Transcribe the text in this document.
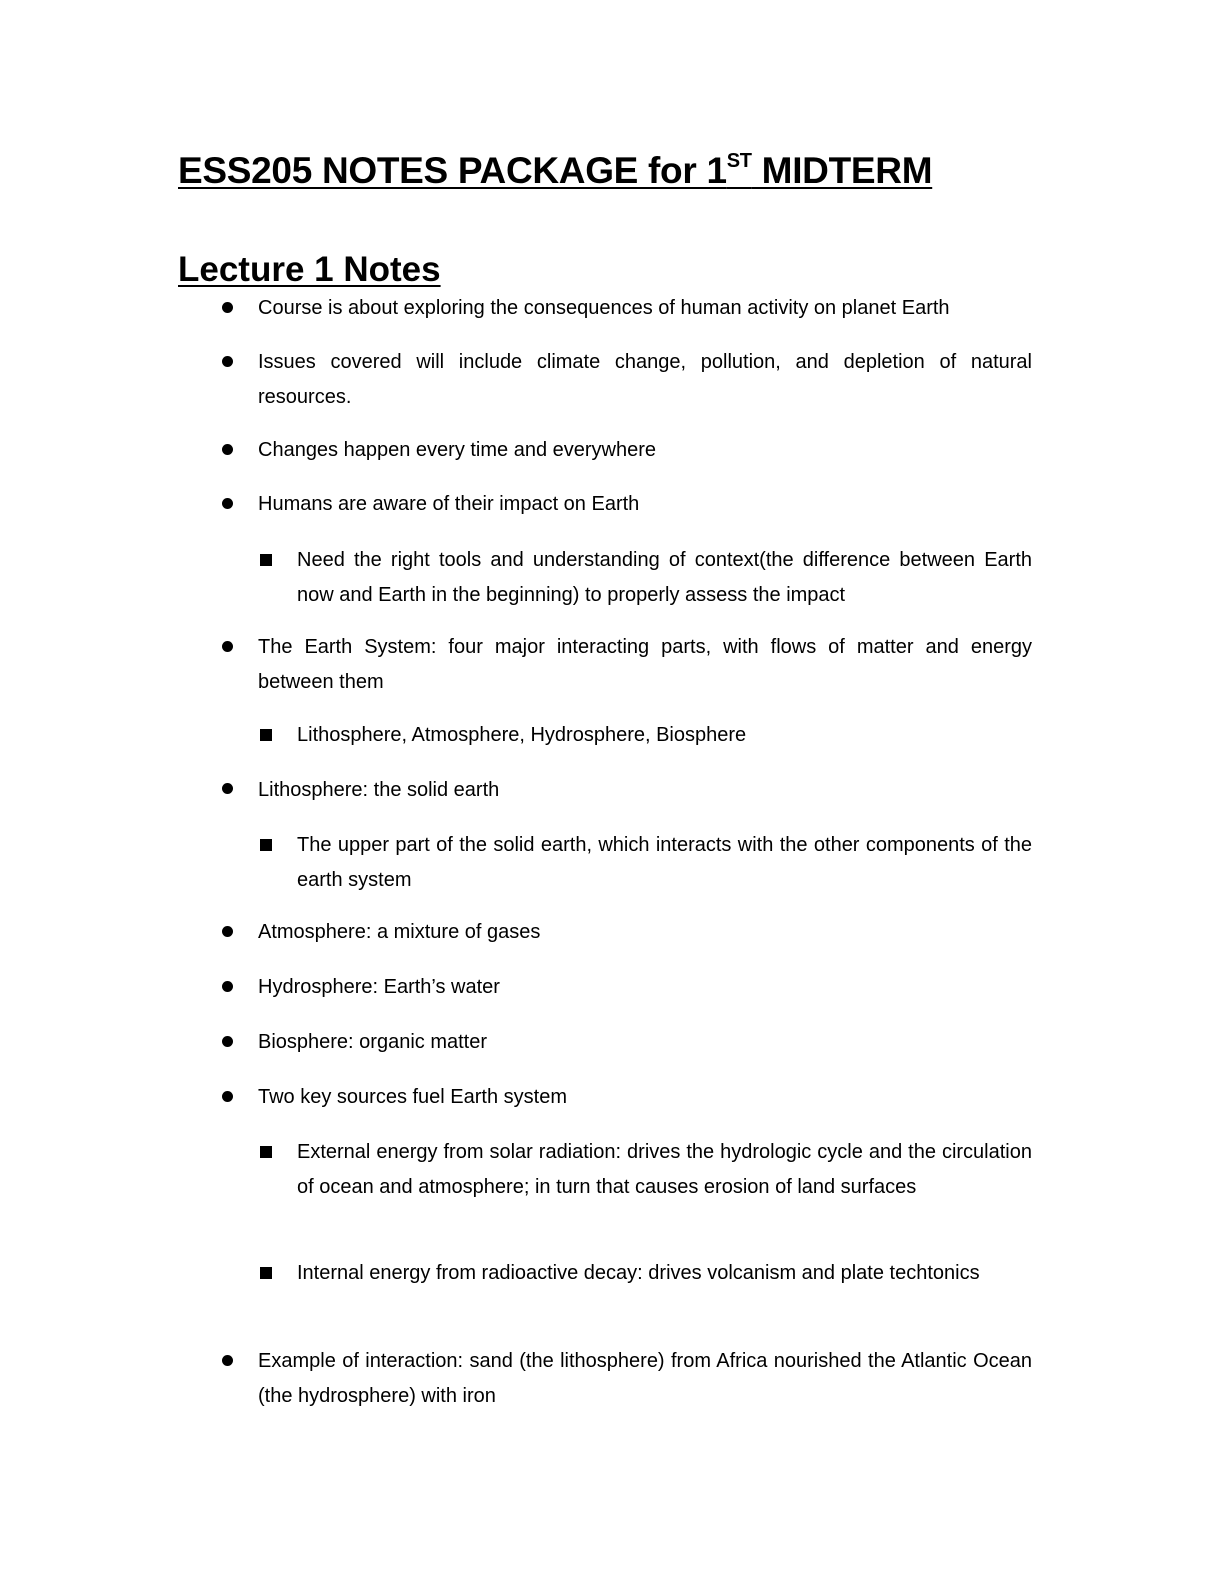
ESS205 NOTES PACKAGE for 1ST MIDTERM
Lecture 1 Notes
Course is about exploring the consequences of human activity on planet Earth
Issues covered will include climate change, pollution, and depletion of natural resources.
Changes happen every time and everywhere
Humans are aware of their impact on Earth
Need the right tools and understanding of context(the difference between Earth now and Earth in the beginning) to properly assess the impact
The Earth System: four major interacting parts, with flows of matter and energy between them
Lithosphere, Atmosphere, Hydrosphere, Biosphere
Lithosphere: the solid earth
The upper part of the solid earth, which interacts with the other components of the earth system
Atmosphere: a mixture of gases
Hydrosphere: Earth’s water
Biosphere: organic matter
Two key sources fuel Earth system
External energy from solar radiation: drives the hydrologic cycle and the circulation of ocean and atmosphere; in turn that causes erosion of land surfaces
Internal energy from radioactive decay: drives volcanism and plate techtonics
Example of interaction: sand (the lithosphere) from Africa nourished the Atlantic Ocean (the hydrosphere) with iron
